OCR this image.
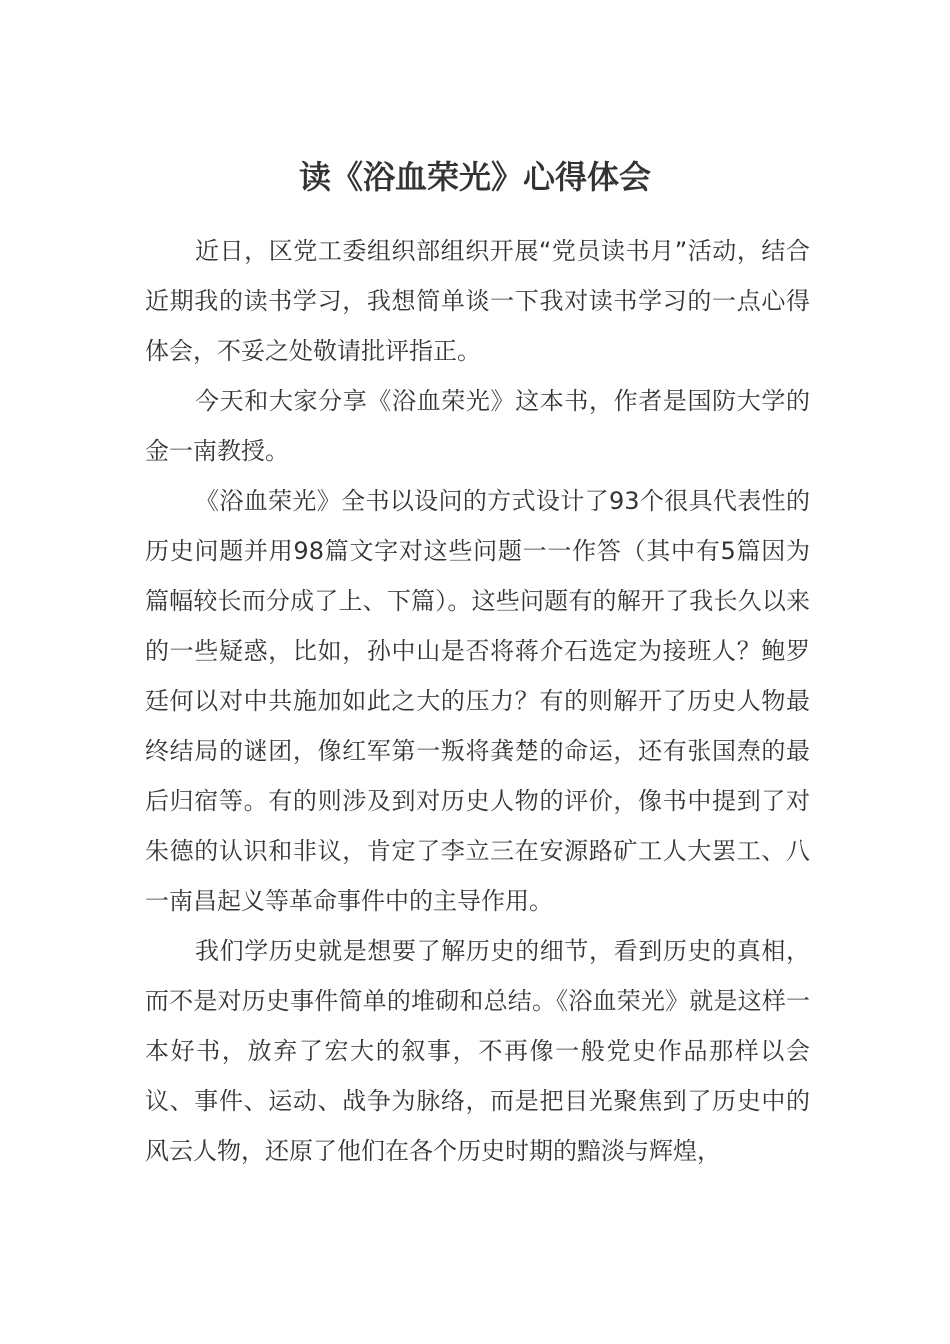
读《浴血荣光》心得体会

近日，区党工委组织部组织开展“党员读书月”活动，结合近期我的读书学习，我想简单谈一下我对读书学习的一点心得体会，不妥之处敬请批评指正。

今天和大家分享《浴血荣光》这本书，作者是国防大学的金一南教授。

《浴血荣光》全书以设问的方式设计了93个很具代表性的历史问题并用98篇文字对这些问题一一作答（其中有5篇因为篇幅较长而分成了上、下篇）。这些问题有的解开了我长久以来的一些疑惑，比如，孙中山是否将蒋介石选定为接班人？鲍罗廷何以对中共施加如此之大的压力？有的则解开了历史人物最终结局的谜团，像红军第一叛将龚楚的命运，还有张国焘的最后归宿等。有的则涉及到对历史人物的评价，像书中提到了对朱德的认识和非议，肯定了李立三在安源路矿工人大罢工、八一南昌起义等革命事件中的主导作用。

我们学历史就是想要了解历史的细节，看到历史的真相，而不是对历史事件简单的堆砌和总结。《浴血荣光》就是这样一本好书，放弃了宏大的叙事，不再像一般党史作品那样以会议、事件、运动、战争为脉络，而是把目光聚焦到了历史中的风云人物，还原了他们在各个历史时期的黯淡与辉煌，
